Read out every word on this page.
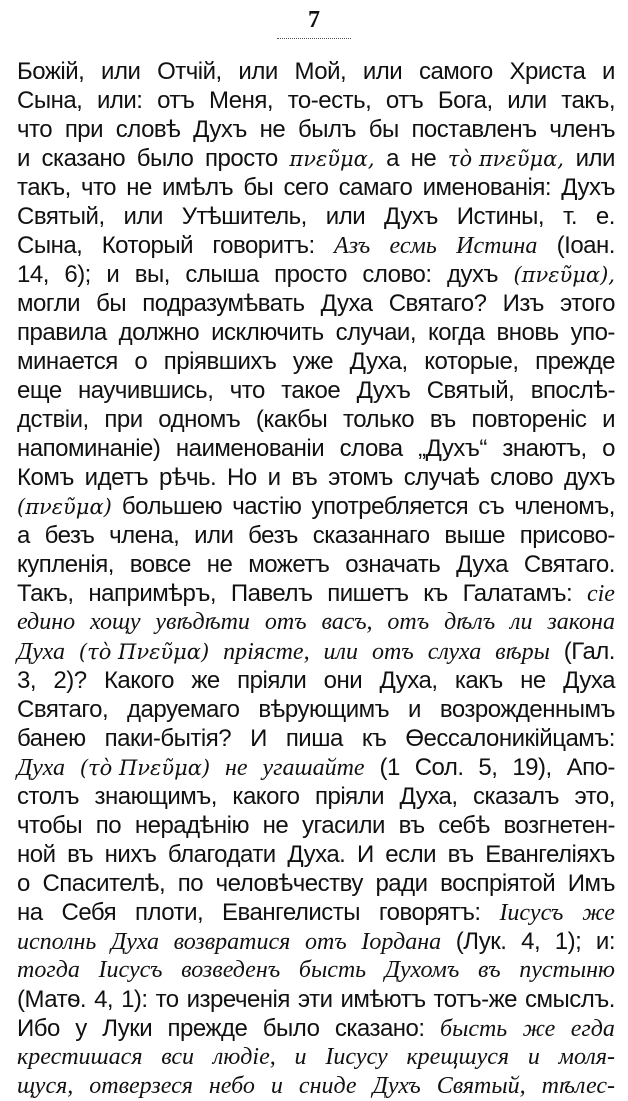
7
Божій, или Отчій, или Мой, или самого Христа и
Сына, или: отъ Меня, то-есть, отъ Бога, или такъ,
что при словѣ Духъ не былъ бы поставленъ членъ
и сказано было просто πνεῦμα, а не τὸ πνεῦμα, или
такъ, что не имѣлъ бы сего самаго именованія: Духъ
Святый, или Утѣшитель, или Духъ Истины, т. е.
Сына, Который говоритъ: Азъ есмь Истина (Іоан.
14, 6); и вы, слыша просто слово: духъ (πνεῦμα),
могли бы подразумѣвать Духа Святаго? Изъ этого
правила должно исключить случаи, когда вновь упо-
минается о пріявшихъ уже Духа, которые, прежде
еще научившись, что такое Духъ Святый, впослѣ-
дствіи, при одномъ (какбы только въ повтореніс и
напоминаніе) наименованіи слова „Духъ“ знаютъ, о
Комъ идетъ рѣчь. Но и въ этомъ случаѣ слово духъ
(πνεῦμα) большею частію употребляется съ членомъ,
а безъ члена, или безъ сказаннаго выше присово-
купленія, вовсе не можетъ означать Духа Святаго.
Такъ, напримѣръ, Павелъ пишетъ къ Галатамъ: сіе
едино хощу увѣдѣти отъ васъ, отъ дѣлъ ли закона
Духа (τὸ Πνεῦμα) пріясте, или отъ слуха вѣры (Гал.
3, 2)? Какого же пріяли они Духа, какъ не Духа
Святаго, даруемаго вѣрующимъ и возрожденнымъ
банею паки-бытія? И пиша къ Өессалоникійцамъ:
Духа (τὸ Πνεῦμα) не угашайте (1 Сол. 5, 19), Апо-
столъ знающимъ, какого пріяли Духа, сказалъ это,
чтобы по нерадѣнію не угасили въ себѣ возгнетен-
ной въ нихъ благодати Духа. И если въ Евангеліяхъ
о Спасителѣ, по человѣчеству ради воспріятой Имъ
на Себя плоти, Евангелисты говорятъ: Іисусъ же
исполнь Духа возвратися отъ Іордана (Лук. 4, 1); и:
тогда Іисусъ возведенъ бысть Духомъ въ пустыню
(Матѳ. 4, 1): то изреченія эти имѣютъ тотъ-же смыслъ.
Ибо у Луки прежде было сказано: бысть же егда
крестишася вси людіе, и Іисусу крещшуся и моля-
щуся, отверзеся небо и сниде Духъ Святый, тѣлес-
